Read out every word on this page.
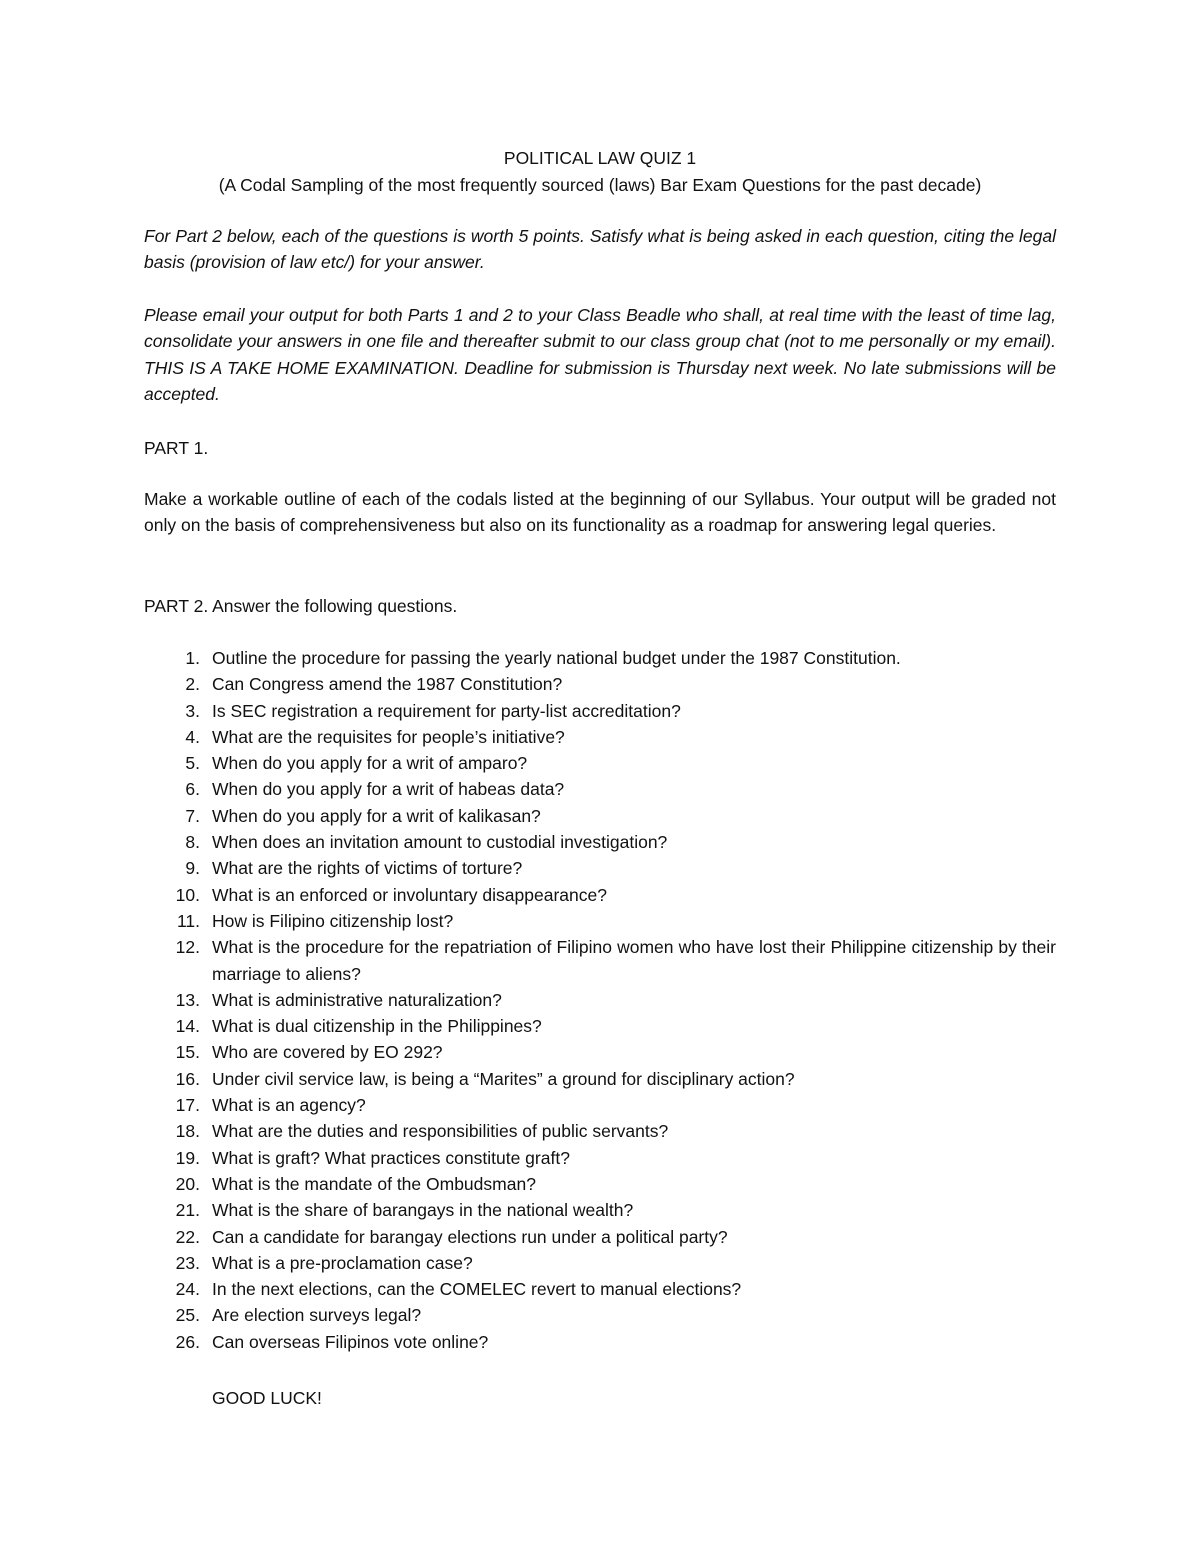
POLITICAL LAW QUIZ 1
(A Codal Sampling of the most frequently sourced (laws) Bar Exam Questions for the past decade)
For Part 2 below, each of the questions is worth 5 points. Satisfy what is being asked in each question, citing the legal basis (provision of law etc/) for your answer.
Please email your output for both Parts 1 and 2 to your Class Beadle who shall, at real time with the least of time lag, consolidate your answers in one file and thereafter submit to our class group chat (not to me personally or my email). THIS IS A TAKE HOME EXAMINATION. Deadline for submission is Thursday next week. No late submissions will be accepted.
PART 1.
Make a workable outline of each of the codals listed at the beginning of our Syllabus. Your output will be graded not only on the basis of comprehensiveness but also on its functionality as a roadmap for answering legal queries.
PART 2. Answer the following questions.
1. Outline the procedure for passing the yearly national budget under the 1987 Constitution.
2. Can Congress amend the 1987 Constitution?
3. Is SEC registration a requirement for party-list accreditation?
4. What are the requisites for people’s initiative?
5. When do you apply for a writ of amparo?
6. When do you apply for a writ of habeas data?
7. When do you apply for a writ of kalikasan?
8. When does an invitation amount to custodial investigation?
9. What are the rights of victims of torture?
10. What is an enforced or involuntary disappearance?
11. How is Filipino citizenship lost?
12. What is the procedure for the repatriation of Filipino women who have lost their Philippine citizenship by their marriage to aliens?
13. What is administrative naturalization?
14. What is dual citizenship in the Philippines?
15. Who are covered by EO 292?
16. Under civil service law, is being a “Marites” a ground for disciplinary action?
17. What is an agency?
18. What are the duties and responsibilities of public servants?
19. What is graft? What practices constitute graft?
20. What is the mandate of the Ombudsman?
21. What is the share of barangays in the national wealth?
22. Can a candidate for barangay elections run under a political party?
23. What is a pre-proclamation case?
24. In the next elections, can the COMELEC revert to manual elections?
25. Are election surveys legal?
26. Can overseas Filipinos vote online?
GOOD LUCK!
